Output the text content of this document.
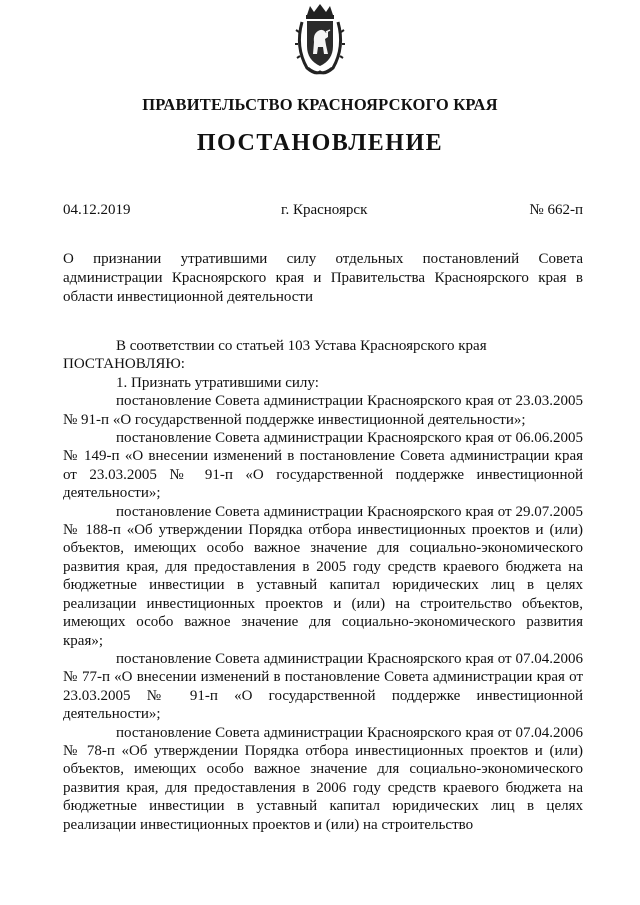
ПРАВИТЕЛЬСТВО КРАСНОЯРСКОГО КРАЯ
ПОСТАНОВЛЕНИЕ
04.12.2019	г. Красноярск	№ 662-п
О признании утратившими силу отдельных постановлений Совета администрации Красноярского края и Правительства Красноярского края в области инвестиционной деятельности

В соответствии со статьей 103 Устава Красноярского края

ПОСТАНОВЛЯЮ:

1. Признать утратившими силу:

постановление Совета администрации Красноярского края от 23.03.2005 № 91-п «О государственной поддержке инвестиционной деятельности»;

постановление Совета администрации Красноярского края от 06.06.2005 № 149-п «О внесении изменений в постановление Совета администрации края от 23.03.2005 № 91-п «О государственной поддержке инвестиционной деятельности»;

постановление Совета администрации Красноярского края от 29.07.2005 № 188-п «Об утверждении Порядка отбора инвестиционных проектов и (или) объектов, имеющих особо важное значение для социально-экономического развития края, для предоставления в 2005 году средств краевого бюджета на бюджетные инвестиции в уставный капитал юридических лиц в целях реализации инвестиционных проектов и (или) на строительство объектов, имеющих особо важное значение для социально-экономического развития края»;

постановление Совета администрации Красноярского края от 07.04.2006 № 77-п «О внесении изменений в постановление Совета администрации края от 23.03.2005 № 91-п «О государственной поддержке инвестиционной деятельности»;

постановление Совета администрации Красноярского края от 07.04.2006 № 78-п «Об утверждении Порядка отбора инвестиционных проектов и (или) объектов, имеющих особо важное значение для социально-экономического развития края, для предоставления в 2006 году средств краевого бюджета на бюджетные инвестиции в уставный капитал юридических лиц в целях реализации инвестиционных проектов и (или) на строительство
